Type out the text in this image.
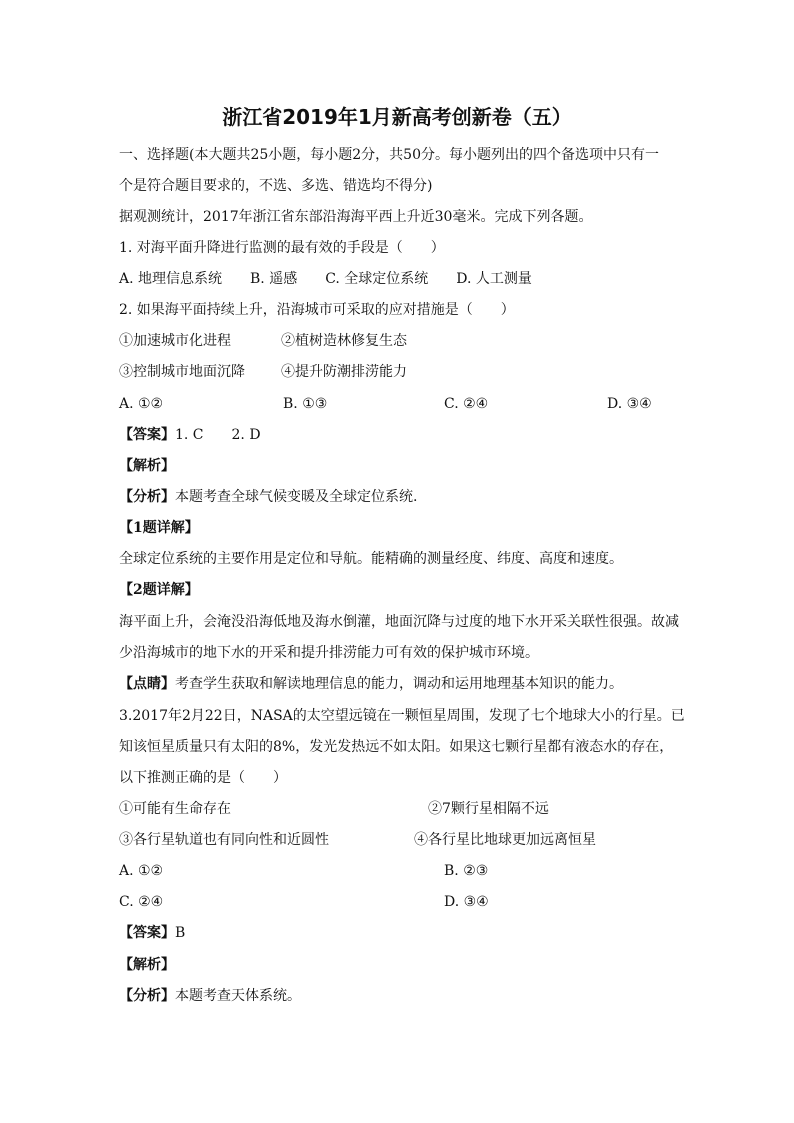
浙江省2019年1月新高考创新卷（五）
一、选择题(本大题共25小题，每小题2分，共50分。每小题列出的四个备选项中只有一
个是符合题目要求的，不选、多选、错选均不得分)
据观测统计，2017年浙江省东部沿海海平西上升近30毫米。完成下列各题。
1. 对海平面升降进行监测的最有效的手段是（　　）
A. 地理信息系统　　B. 遥感　　C. 全球定位系统　　D. 人工测量
2. 如果海平面持续上升，沿海城市可采取的应对措施是（　　）
①加速城市化进程	②植树造林修复生态
③控制城市地面沉降	④提升防潮排涝能力
A. ①②	B. ①③	C. ②④	D. ③④
【答案】1. C　　2. D
【解析】
【分析】本题考查全球气候变暖及全球定位系统.
【1题详解】
全球定位系统的主要作用是定位和导航。能精确的测量经度、纬度、高度和速度。
【2题详解】
海平面上升，会淹没沿海低地及海水倒灌，地面沉降与过度的地下水开采关联性很强。故减
少沿海城市的地下水的开采和提升排涝能力可有效的保护城市环境。
【点睛】考查学生获取和解读地理信息的能力，调动和运用地理基本知识的能力。
3.2017年2月22日，NASA的太空望远镜在一颗恒星周围，发现了七个地球大小的行星。已
知该恒星质量只有太阳的8%，发光发热远不如太阳。如果这七颗行星都有液态水的存在，
以下推测正确的是（　　）
①可能有生命存在	②7颗行星相隔不远
③各行星轨道也有同向性和近圆性	④各行星比地球更加远离恒星
A. ①②	B. ②③
C. ②④	D. ③④
【答案】B
【解析】
【分析】本题考查天体系统。
